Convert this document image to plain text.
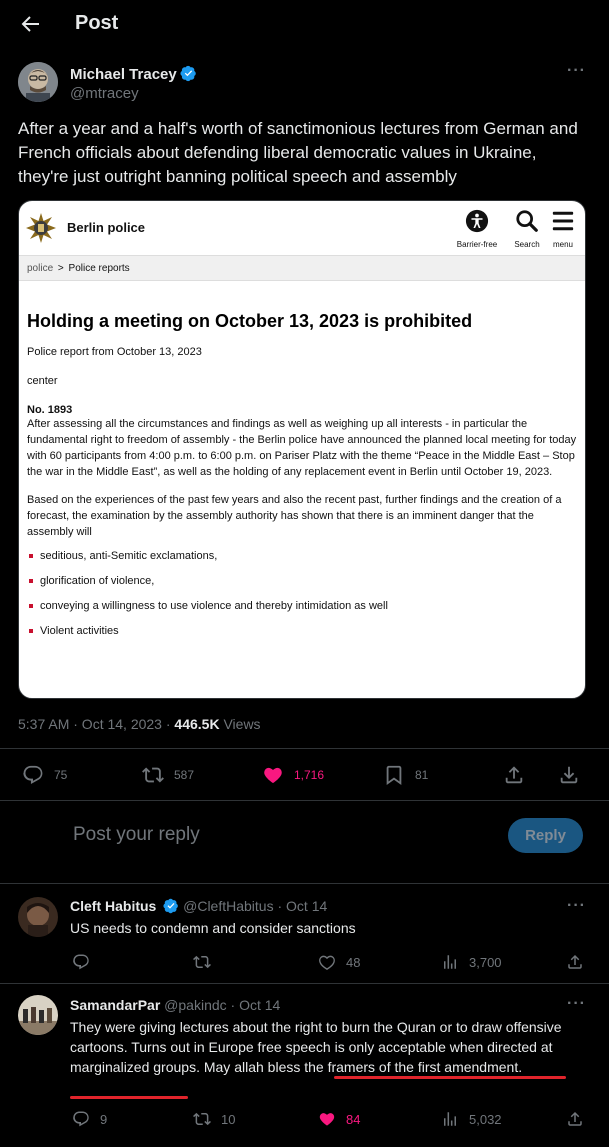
Post
Michael Tracey
@mtracey
···
After a year and a half's worth of sanctimonious lectures from German and French officials about defending liberal democratic values in Ukraine, they're just outright banning political speech and assembly
Berlin police
Barrier-free	Search	menu
police > Police reports
Holding a meeting on October 13, 2023 is prohibited
Police report from October 13, 2023
center
No. 1893
After assessing all the circumstances and findings as well as weighing up all interests - in particular the fundamental right to freedom of assembly - the Berlin police have announced the planned local meeting for today with 60 participants from 4:00 p.m. to 6:00 p.m. on Pariser Platz with the theme “Peace in the Middle East – Stop the war in the Middle East”, as well as the holding of any replacement event in Berlin until October 19, 2023.
Based on the experiences of the past few years and also the recent past, further findings and the creation of a forecast, the examination by the assembly authority has shown that there is an imminent danger that the assembly will
seditious, anti-Semitic exclamations,
glorification of violence,
conveying a willingness to use violence and thereby intimidation as well
Violent activities
5:37 AM · Oct 14, 2023 · 446.5K Views
75	587	1,716	81
Post your reply	Reply
Cleft Habitus @CleftHabitus · Oct 14	···
US needs to condemn and consider sanctions
48	3,700
SamandarPar @pakindc · Oct 14	···
They were giving lectures about the right to burn the Quran or to draw offensive cartoons. Turns out in Europe free speech is only acceptable when directed at marginalized groups. May allah bless the framers of the first amendment.
9	10	84	5,032
